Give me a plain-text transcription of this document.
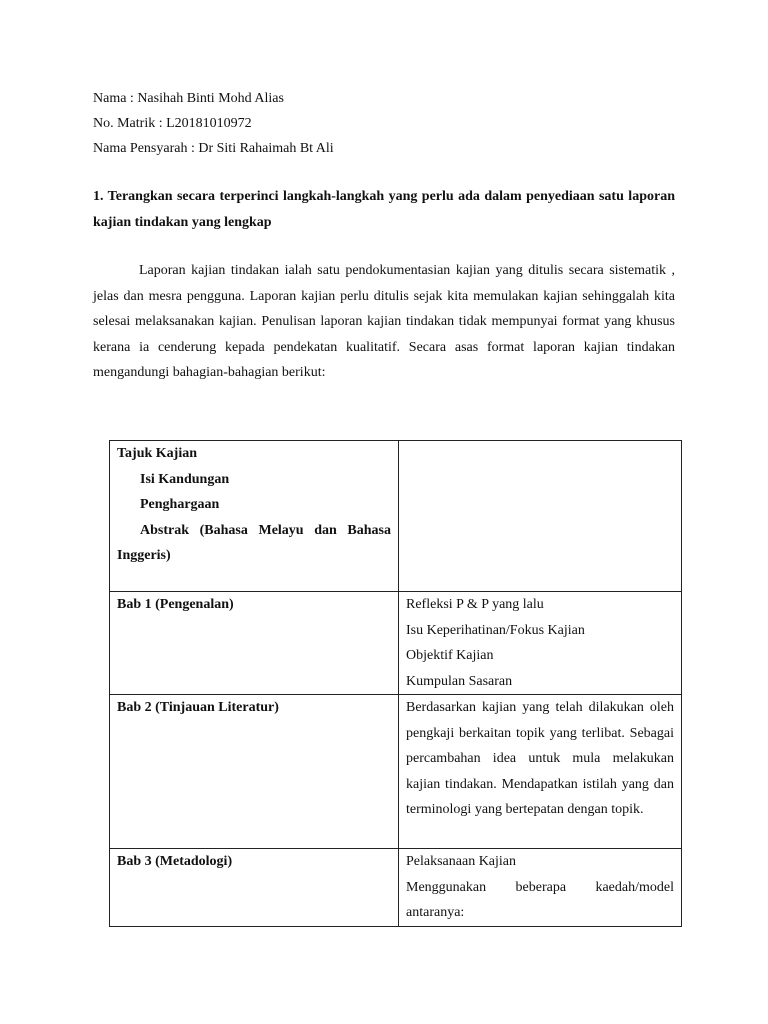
Nama : Nasihah Binti Mohd Alias
No. Matrik : L20181010972
Nama Pensyarah : Dr Siti Rahaimah Bt Ali
1. Terangkan secara terperinci langkah-langkah yang perlu ada dalam penyediaan satu laporan kajian tindakan yang lengkap
Laporan kajian tindakan ialah satu pendokumentasian kajian yang ditulis secara sistematik , jelas dan mesra pengguna. Laporan kajian perlu ditulis sejak kita memulakan kajian sehinggalah kita selesai melaksanakan kajian. Penulisan laporan kajian tindakan tidak mempunyai format yang khusus kerana ia cenderung kepada pendekatan kualitatif. Secara asas format laporan kajian tindakan mengandungi bahagian-bahagian berikut:
Tajuk Kajian
Isi Kandungan
Penghargaan
Abstrak (Bahasa Melayu dan Bahasa
Inggeris)	

Bab 1 (Pengenalan)	Refleksi P & P yang lalu
Isu Keperihatinan/Fokus Kajian
Objektif Kajian
Kumpulan Sasaran

Bab 2 (Tinjauan Literatur)	Berdasarkan kajian yang telah dilakukan oleh pengkaji berkaitan topik yang terlibat. Sebagai percambahan idea untuk mula melakukan kajian tindakan. Mendapatkan istilah yang dan terminologi yang bertepatan dengan topik.
Bab 3 (Metadologi)	Pelaksanaan Kajian
Menggunakan beberapa kaedah/model antaranya:
